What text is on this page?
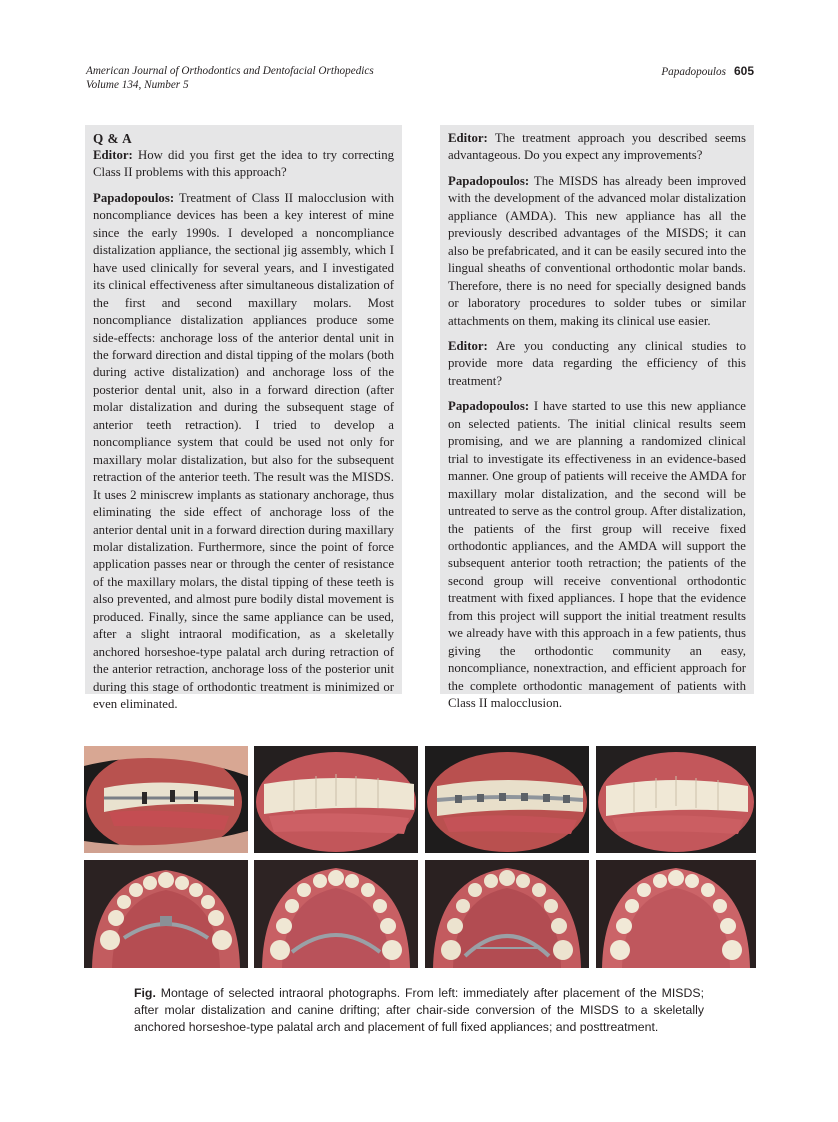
American Journal of Orthodontics and Dentofacial Orthopedics
Volume 134, Number 5
Papadopoulos 605
Q & A

Editor: How did you first get the idea to try correcting Class II problems with this approach?

Papadopoulos: Treatment of Class II malocclusion with noncompliance devices has been a key interest of mine since the early 1990s. I developed a noncompliance distalization appliance, the sectional jig assembly, which I have used clinically for several years, and I investigated its clinical effectiveness after simultaneous distalization of the first and second maxillary molars. Most noncompliance distalization appliances produce some side-effects: anchorage loss of the anterior dental unit in the forward direction and distal tipping of the molars (both during active distalization) and anchorage loss of the posterior dental unit, also in a forward direction (after molar distalization and during the subsequent stage of anterior teeth retraction). I tried to develop a noncompliance system that could be used not only for maxillary molar distalization, but also for the subsequent retraction of the anterior teeth. The result was the MISDS. It uses 2 miniscrew implants as stationary anchorage, thus eliminating the side effect of anchorage loss of the anterior dental unit in a forward direction during maxillary molar distalization. Furthermore, since the point of force application passes near or through the center of resistance of the maxillary molars, the distal tipping of these teeth is also prevented, and almost pure bodily distal movement is produced. Finally, since the same appliance can be used, after a slight intraoral modification, as a skeletally anchored horseshoe-type palatal arch during retraction of the anterior retraction, anchorage loss of the posterior unit during this stage of orthodontic treatment is minimized or even eliminated.

Editor: The treatment approach you described seems advantageous. Do you expect any improvements?

Papadopoulos: The MISDS has already been improved with the development of the advanced molar distalization appliance (AMDA). This new appliance has all the previously described advantages of the MISDS; it can also be prefabricated, and it can be easily secured into the lingual sheaths of conventional orthodontic molar bands. Therefore, there is no need for specially designed bands or laboratory procedures to solder tubes or similar attachments on them, making its clinical use easier.

Editor: Are you conducting any clinical studies to provide more data regarding the efficiency of this treatment?

Papadopoulos: I have started to use this new appliance on selected patients. The initial clinical results seem promising, and we are planning a randomized clinical trial to investigate its effectiveness in an evidence-based manner. One group of patients will receive the AMDA for maxillary molar distalization, and the second will be untreated to serve as the control group. After distalization, the patients of the first group will receive fixed orthodontic appliances, and the AMDA will support the subsequent anterior tooth retraction; the patients of the second group will receive conventional orthodontic treatment with fixed appliances. I hope that the evidence from this project will support the initial treatment results we already have with this approach in a few patients, thus giving the orthodontic community an easy, noncompliance, nonextraction, and efficient approach for the complete orthodontic management of patients with Class II malocclusion.

Fig. Montage of selected intraoral photographs. From left: immediately after placement of the MISDS; after molar distalization and canine drifting; after chair-side conversion of the MISDS to a skeletally anchored horseshoe-type palatal arch and placement of full fixed appliances; and posttreatment.
